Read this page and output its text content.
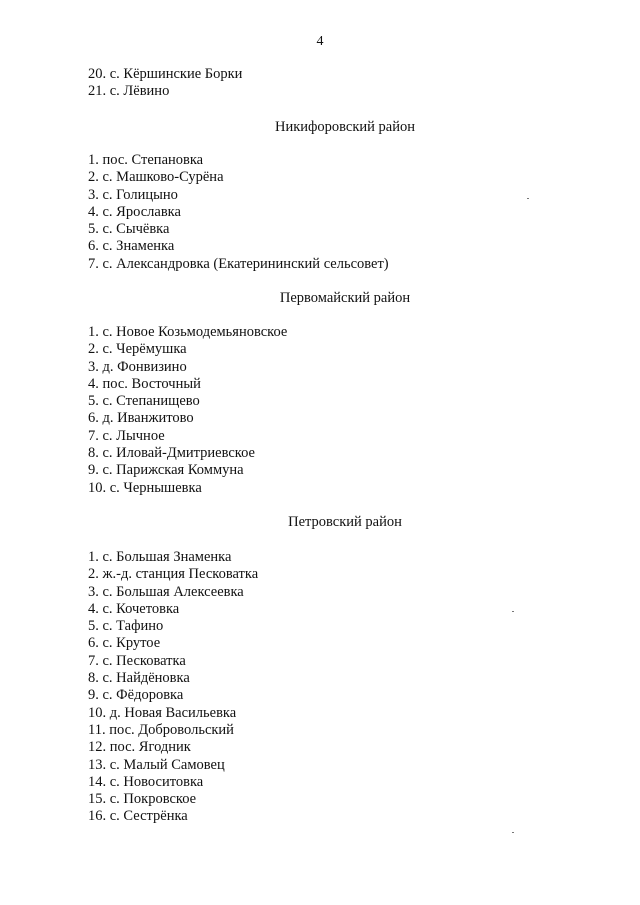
4
20. с. Кёршинские Борки
21. с. Лёвино
Никифоровский район
1. пос. Степановка
2. с. Машково-Сурёна
3. с. Голицыно
4. с. Ярославка
5. с. Сычёвка
6. с. Знаменка
7. с. Александровка (Екатерининский сельсовет)
Первомайский район
1. с. Новое Козьмодемьяновское
2. с. Черёмушка
3. д. Фонвизино
4. пос. Восточный
5. с. Степанищево
6. д. Иванжитово
7. с. Лычное
8. с. Иловай-Дмитриевское
9. с. Парижская Коммуна
10. с. Чернышевка
Петровский район
1. с. Большая Знаменка
2. ж.-д. станция Песковатка
3. с. Большая Алексеевка
4. с. Кочетовка
5. с. Тафино
6. с. Крутое
7. с. Песковатка
8. с. Найдёновка
9. с. Фёдоровка
10. д. Новая Васильевка
11. пос. Добровольский
12. пос. Ягодник
13. с. Малый Самовец
14. с. Новоситовка
15. с. Покровское
16. с. Сестрёнка
